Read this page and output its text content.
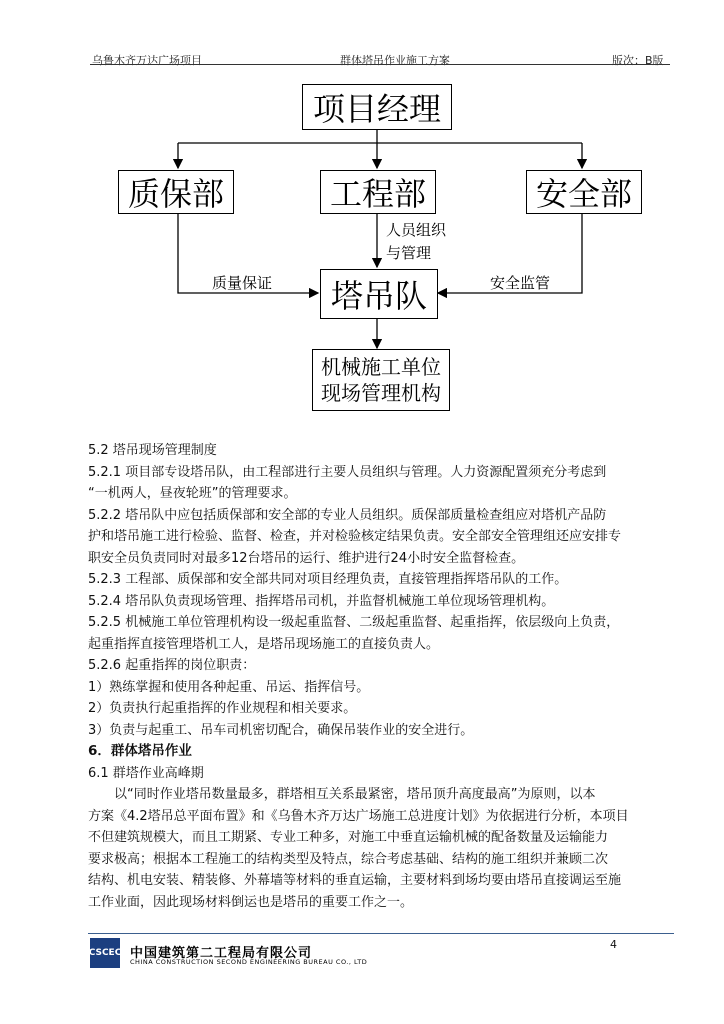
乌鲁木齐万达广场项目	群体塔吊作业施工方案	版次：B版
项目经理
质保部	工程部	安全部
塔吊队
机械施工单位
现场管理机构
人员组织
与管理
质量保证	安全监管

5.2 塔吊现场管理制度

5.2.1 项目部专设塔吊队，由工程部进行主要人员组织与管理。人力资源配置须充分考虑到

“一机两人，昼夜轮班”的管理要求。

5.2.2 塔吊队中应包括质保部和安全部的专业人员组织。质保部质量检查组应对塔机产品防

护和塔吊施工进行检验、监督、检查，并对检验核定结果负责。安全部安全管理组还应安排专

职安全员负责同时对最多12台塔吊的运行、维护进行24小时安全监督检查。

5.2.3 工程部、质保部和安全部共同对项目经理负责，直接管理指挥塔吊队的工作。

5.2.4 塔吊队负责现场管理、指挥塔吊司机，并监督机械施工单位现场管理机构。

5.2.5 机械施工单位管理机构设一级起重监督、二级起重监督、起重指挥，依层级向上负责，

起重指挥直接管理塔机工人，是塔吊现场施工的直接负责人。

5.2.6 起重指挥的岗位职责：

1）熟练掌握和使用各种起重、吊运、指挥信号。

2）负责执行起重指挥的作业规程和相关要求。

3）负责与起重工、吊车司机密切配合，确保吊装作业的安全进行。

6．群体塔吊作业

6.1 群塔作业高峰期

　　以“同时作业塔吊数量最多，群塔相互关系最紧密，塔吊顶升高度最高”为原则，以本

方案《4.2塔吊总平面布置》和《乌鲁木齐万达广场施工总进度计划》为依据进行分析，本项目

不但建筑规模大，而且工期紧、专业工种多，对施工中垂直运输机械的配备数量及运输能力

要求极高；根据本工程施工的结构类型及特点，综合考虑基础、结构的施工组织并兼顾二次

结构、机电安装、精装修、外幕墙等材料的垂直运输，主要材料到场均要由塔吊直接调运至施

工作业面，因此现场材料倒运也是塔吊的重要工作之一。

4
CSCEC 中国建筑第二工程局有限公司
CHINA CONSTRUCTION SECOND ENGINEERING BUREAU CO., LTD
